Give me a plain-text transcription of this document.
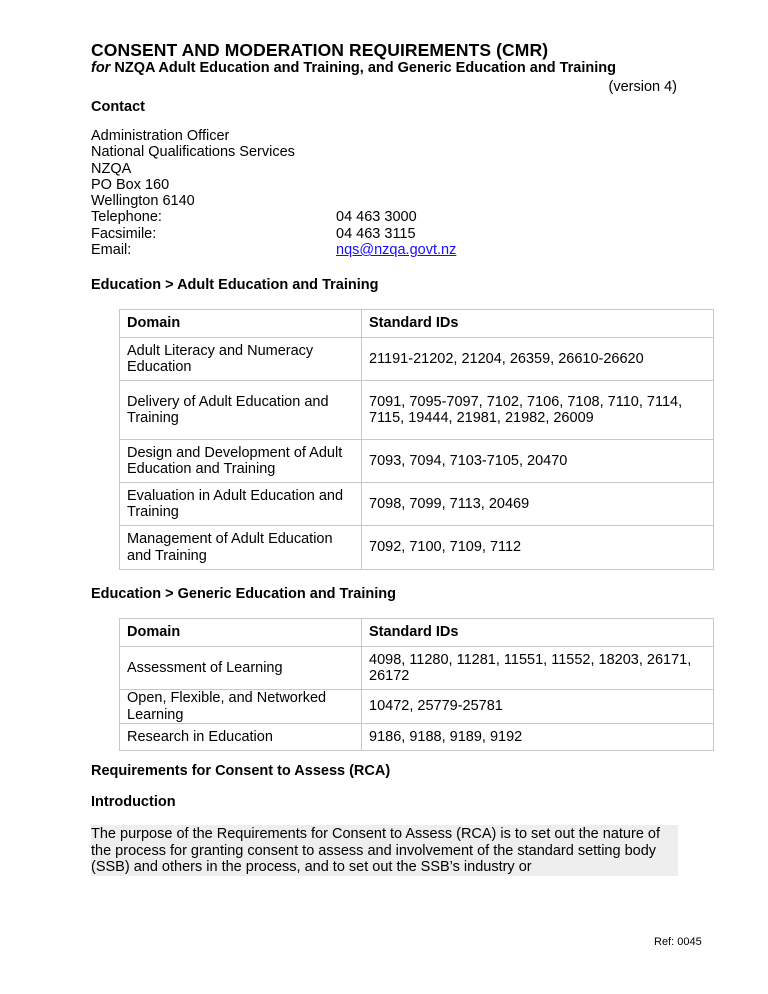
CONSENT AND MODERATION REQUIREMENTS (CMR)
for NZQA Adult Education and Training, and Generic Education and Training
(version 4)
Contact
Administration Officer
National Qualifications Services
NZQA
PO Box 160
Wellington 6140
Telephone:	04 463 3000
Facsimile:	04 463 3115
Email:	nqs@nzqa.govt.nz
Education > Adult Education and Training
Domain	Standard IDs
Adult Literacy and Numeracy Education	21191-21202, 21204, 26359, 26610-26620
Delivery of Adult Education and Training	7091, 7095-7097, 7102, 7106, 7108, 7110, 7114, 7115, 19444, 21981, 21982, 26009
Design and Development of Adult Education and Training	7093, 7094, 7103-7105, 20470
Evaluation in Adult Education and Training	7098, 7099, 7113, 20469
Management of Adult Education and Training	7092, 7100, 7109, 7112
Education > Generic Education and Training
Domain	Standard IDs
Assessment of Learning	4098, 11280, 11281, 11551, 11552, 18203, 26171, 26172
Open, Flexible, and Networked Learning	10472, 25779-25781
Research in Education	9186, 9188, 9189, 9192
Requirements for Consent to Assess (RCA)
Introduction
The purpose of the Requirements for Consent to Assess (RCA) is to set out the nature of the process for granting consent to assess and involvement of the standard setting body (SSB) and others in the process, and to set out the SSB’s industry or
Ref: 0045
